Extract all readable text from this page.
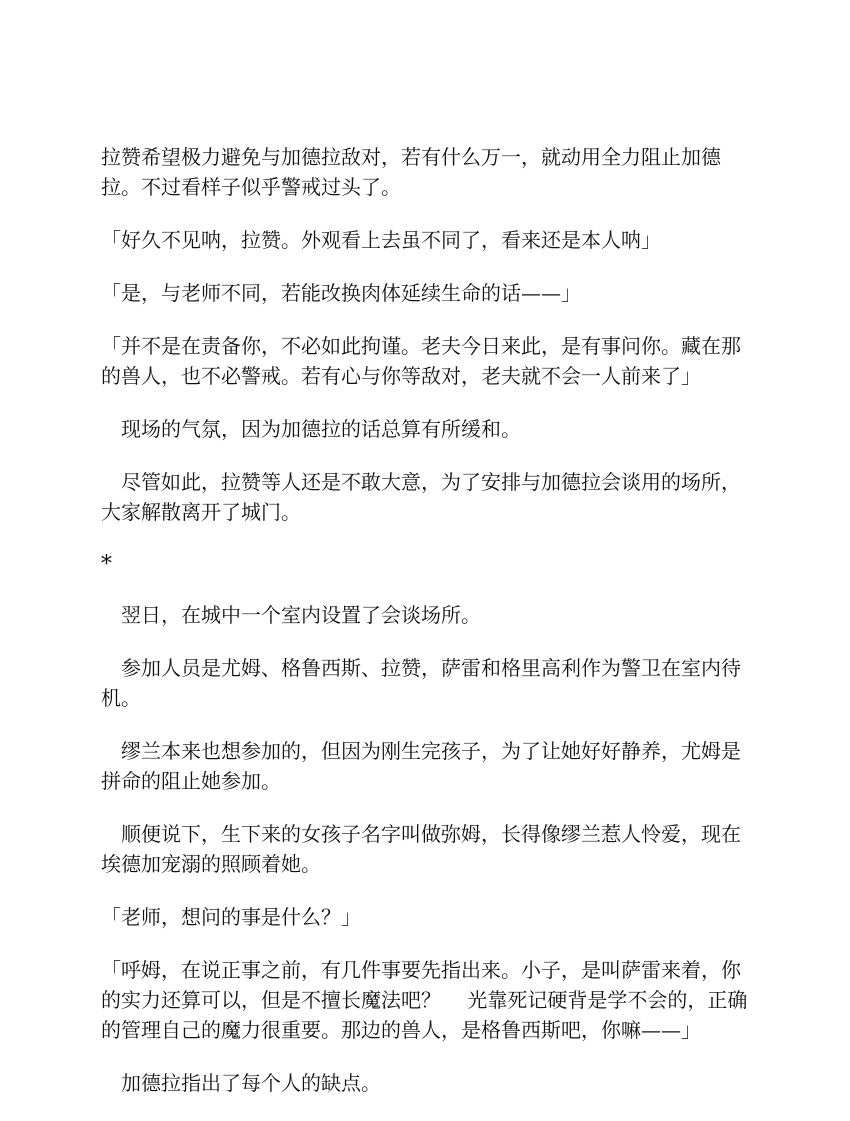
拉赞希望极力避免与加德拉敌对，若有什么万一，就动用全力阻止加德拉。不过看样子似乎警戒过头了。

「好久不见呐，拉赞。外观看上去虽不同了，看来还是本人呐」

「是，与老师不同，若能改换肉体延续生命的话——」

「并不是在责备你，不必如此拘谨。老夫今日来此，是有事问你。藏在那的兽人，也不必警戒。若有心与你等敌对，老夫就不会一人前来了」

　现场的气氛，因为加德拉的话总算有所缓和。

　尽管如此，拉赞等人还是不敢大意，为了安排与加德拉会谈用的场所，大家解散离开了城门。

*

　翌日，在城中一个室内设置了会谈场所。

　参加人员是尤姆、格鲁西斯、拉赞，萨雷和格里高利作为警卫在室内待机。

　缪兰本来也想参加的，但因为刚生完孩子，为了让她好好静养，尤姆是拼命的阻止她参加。

　顺便说下，生下来的女孩子名字叫做弥姆，长得像缪兰惹人怜爱，现在埃德加宠溺的照顾着她。

「老师，想问的事是什么？」

「呼姆，在说正事之前，有几件事要先指出来。小子，是叫萨雷来着，你的实力还算可以，但是不擅长魔法吧？　 光靠死记硬背是学不会的，正确的管理自己的魔力很重要。那边的兽人，是格鲁西斯吧，你嘛——」

　加德拉指出了每个人的缺点。
